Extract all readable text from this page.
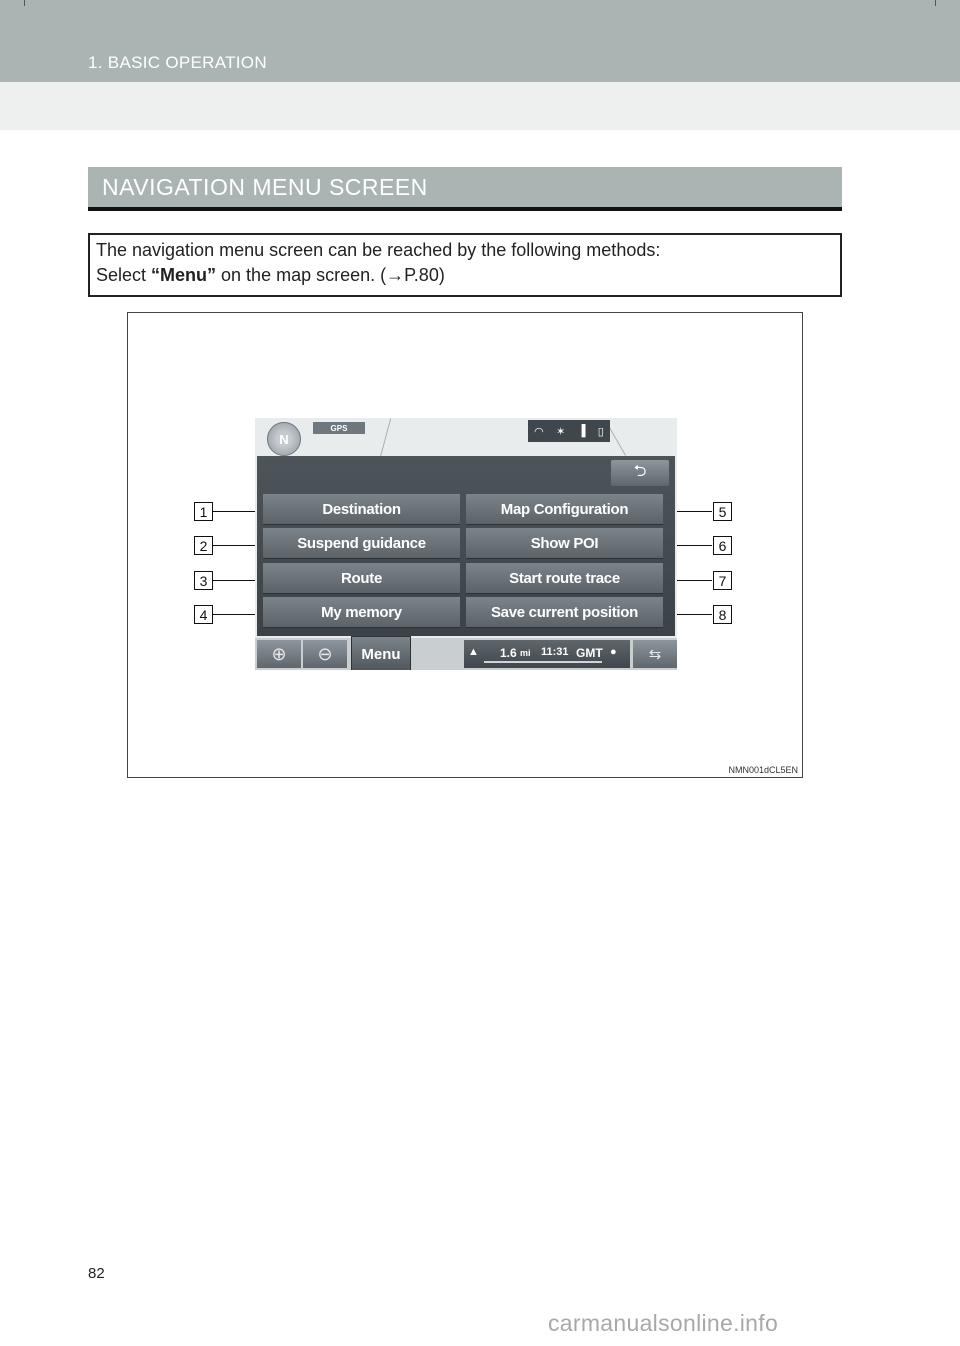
1. BASIC OPERATION
NAVIGATION MENU SCREEN
The navigation menu screen can be reached by the following methods:
Select “Menu” on the map screen. (→P.80)
NMN001dCL5EN
1
2
3
4
5
6
7
8
N
GPS	◠ ✶ ▐ ▯
⮌
Destination
Suspend guidance
Route
My memory
Map Configuration
Show POI
Start route trace
Save current position
⊕ ⊖	Menu	▲ 1.6 mi 11:31 GMT ● ⇆
82
carmanualsonline.info
